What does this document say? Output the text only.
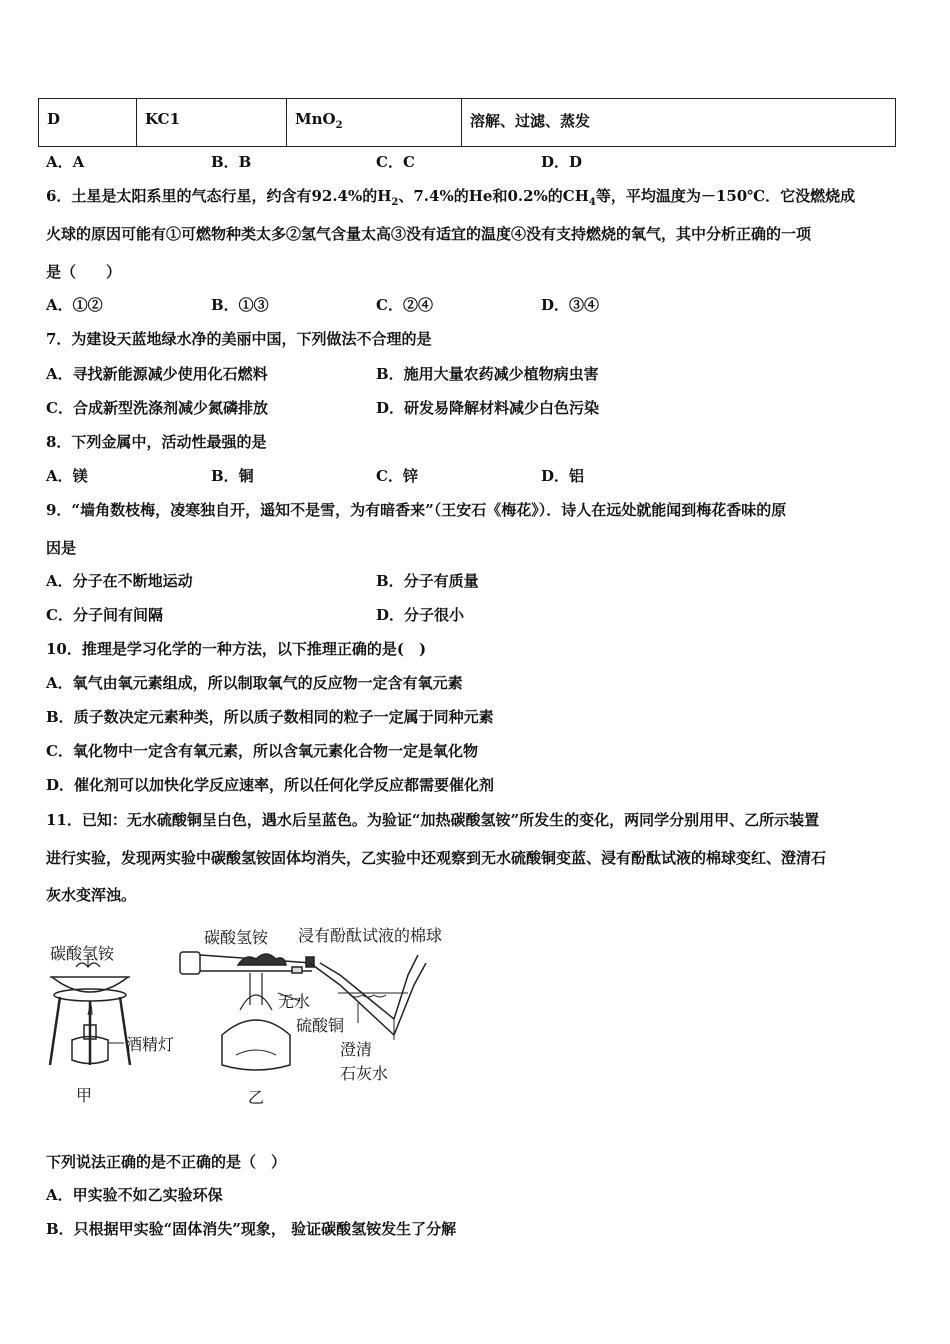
D	KC1	MnO$_2$	溶解、过滤、蒸发
A．A	B．B	C．C	D．D
6．土星是太阳系里的气态行星，约含有92.4%的$H_2$、7.4%的He和0.2%的$CH_4$等，平均温度为－150℃．它没燃烧成
火球的原因可能有①可燃物种类太多②氢气含量太高③没有适宜的温度④没有支持燃烧的氧气，其中分析正确的一项
是（　　）
A．①②	B．①③	C．②④	D．③④
7．为建设天蓝地绿水净的美丽中国，下列做法不合理的是
A．寻找新能源减少使用化石燃料	B．施用大量农药减少植物病虫害
C．合成新型洗涤剂减少氮磷排放	D．研发易降解材料减少白色污染
8．下列金属中，活动性最强的是
A．镁	B．铜	C．锌	D．铝
9．“墙角数枝梅，凌寒独自开，遥知不是雪，为有暗香来”（王安石《梅花》）．诗人在远处就能闻到梅花香味的原
因是
A．分子在不断地运动	B．分子有质量
C．分子间有间隔	D．分子很小
10．推理是学习化学的一种方法，以下推理正确的是(　)
A．氧气由氧元素组成，所以制取氧气的反应物一定含有氧元素
B．质子数决定元素种类，所以质子数相同的粒子一定属于同种元素
C．氧化物中一定含有氧元素，所以含氧元素化合物一定是氧化物
D．催化剂可以加快化学反应速率，所以任何化学反应都需要催化剂
11．已知：无水硫酸铜呈白色，遇水后呈蓝色。为验证“加热碳酸氢铵”所发生的变化，两同学分别用甲、乙所示装置
进行实验，发现两实验中碳酸氢铵固体均消失，乙实验中还观察到无水硫酸铜变蓝、浸有酚酞试液的棉球变红、澄清石
灰水变浑浊。
碳酸氢铵
酒精灯
甲
碳酸氢铵 浸有酚酞试液的棉球
无水
硫酸铜
澄清
石灰水
乙
下列说法正确的是不正确的是（　）
A．甲实验不如乙实验环保
B．只根据甲实验“固体消失”现象， 验证碳酸氢铵发生了分解
